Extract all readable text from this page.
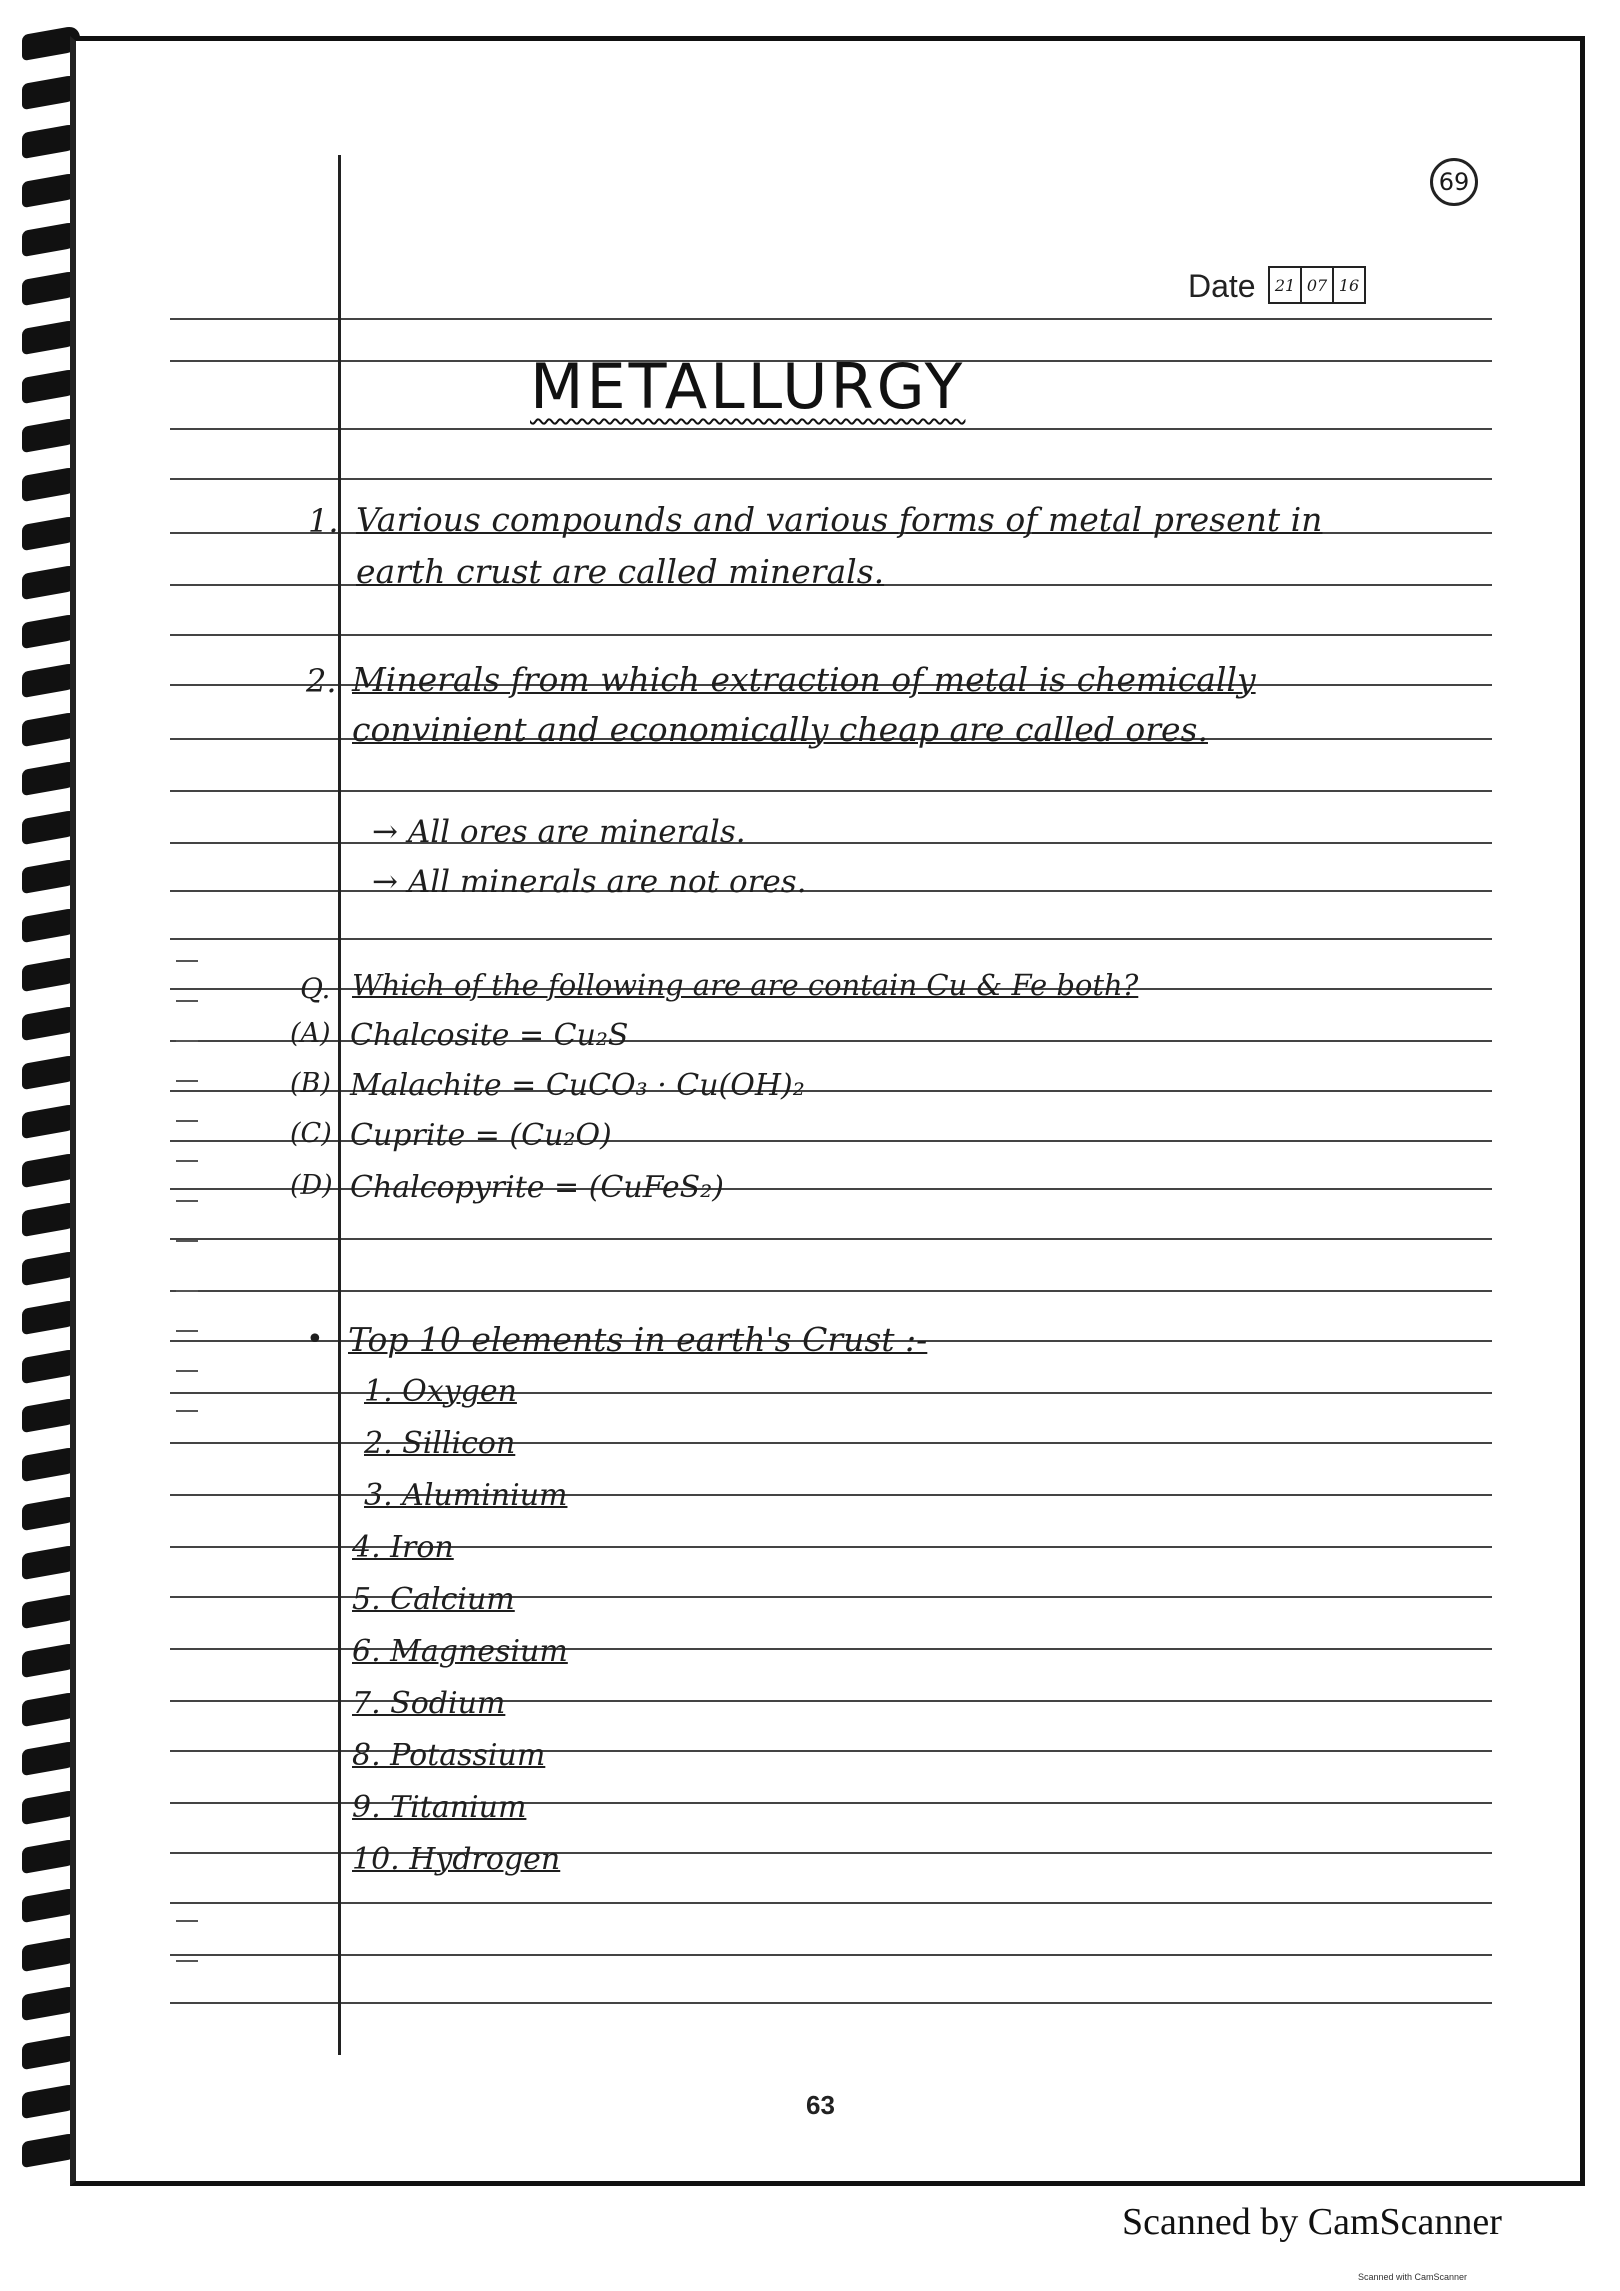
69
Date	21 07 16
METALLURGY
1. Various compounds and various forms of metal present in
earth crust are called minerals.
2. Minerals from which extraction of metal is chemically
convinient and economically cheap are called ores.
→ All ores are minerals.
→ All minerals are not ores.
Q. Which of the following are are contain Cu & Fe both?
(A) Chalcosite = Cu₂S
(B) Malachite = CuCO₃ · Cu(OH)₂
(C) Cuprite = (Cu₂O)
(D) Chalcopyrite = (CuFeS₂)
• Top 10 elements in earth's Crust :-
1. Oxygen
2. Sillicon
3. Aluminium
4. Iron
5. Calcium
6. Magnesium
7. Sodium
8. Potassium
9. Titanium
10. Hydrogen
63
Scanned by CamScanner
Scanned with CamScanner
